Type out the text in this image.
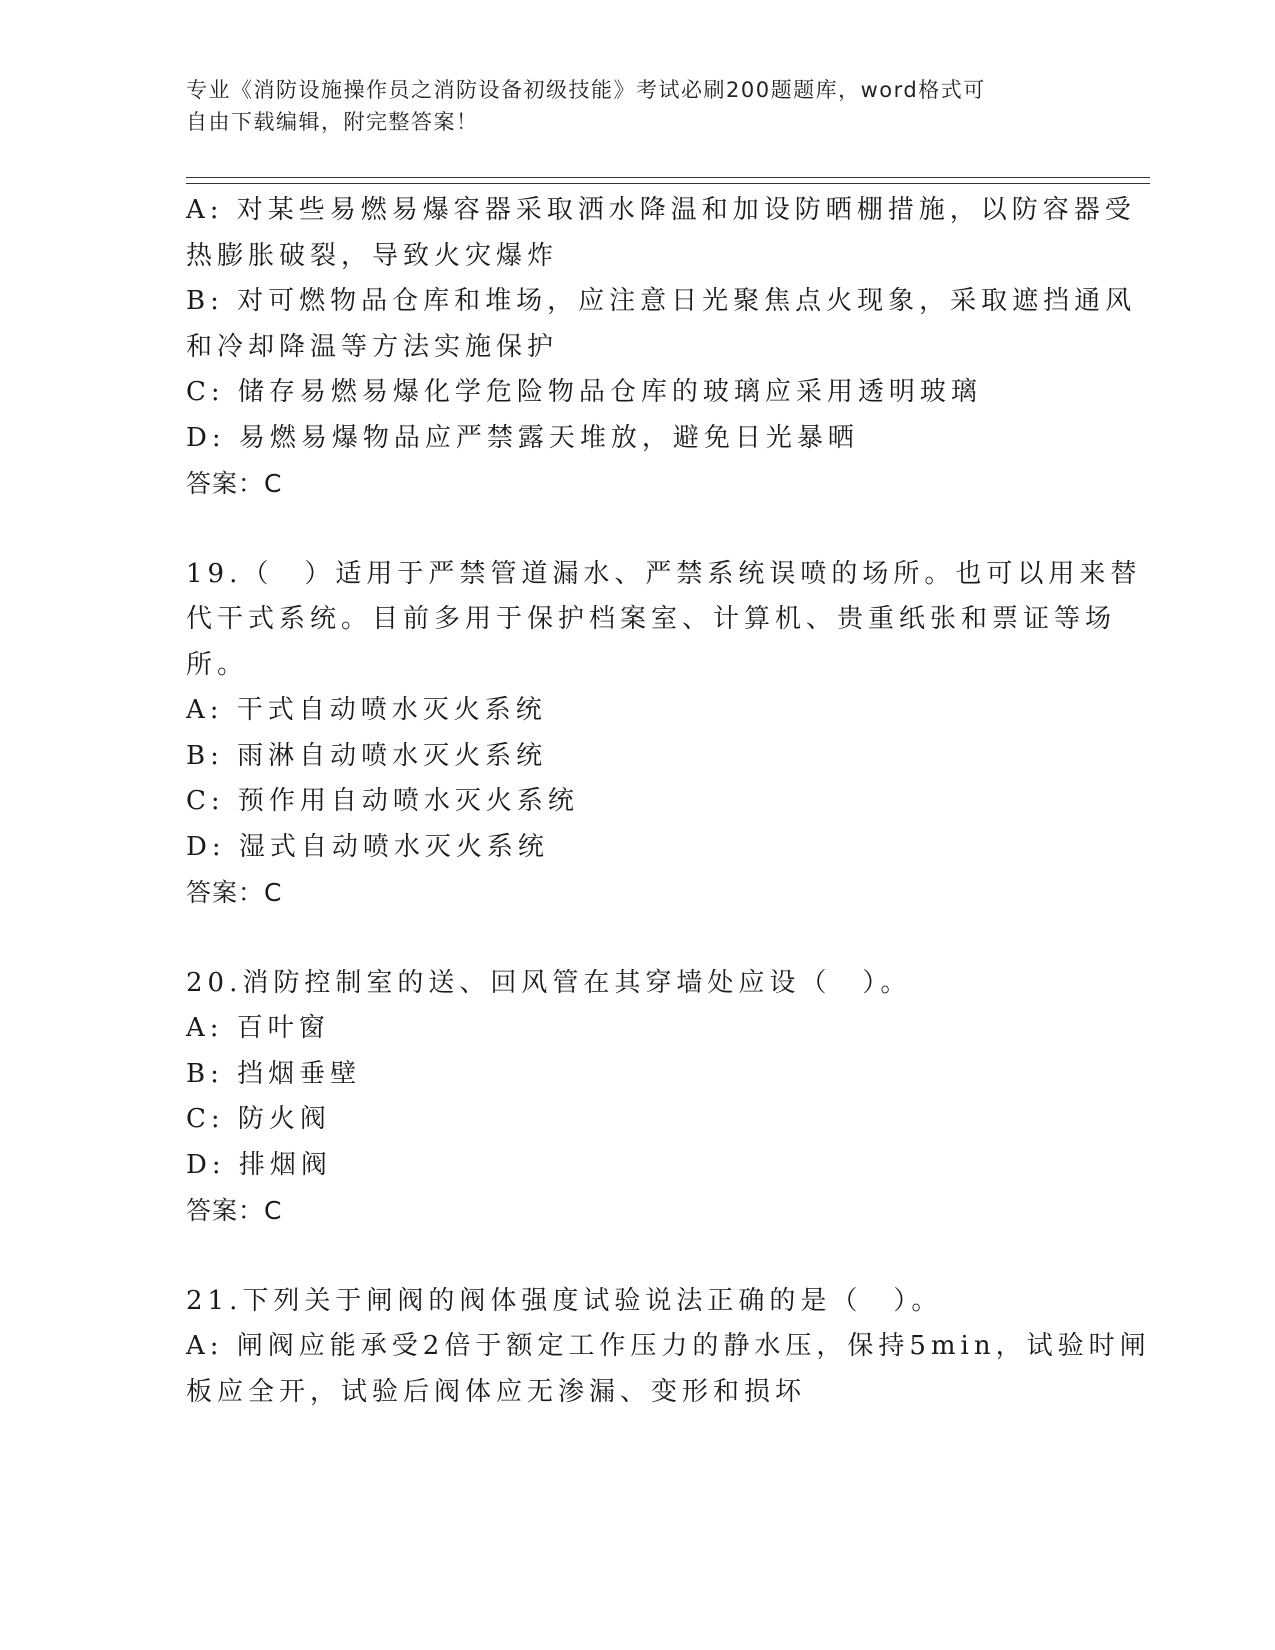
专业《消防设施操作员之消防设备初级技能》考试必刷200题题库，word格式可
自由下载编辑，附完整答案！
A: 对某些易燃易爆容器采取洒水降温和加设防晒棚措施，以防容器受
热膨胀破裂，导致火灾爆炸
B: 对可燃物品仓库和堆场，应注意日光聚焦点火现象，采取遮挡通风
和冷却降温等方法实施保护
C: 储存易燃易爆化学危险物品仓库的玻璃应采用透明玻璃
D: 易燃易爆物品应严禁露天堆放，避免日光暴晒
答案：C
19.（　）适用于严禁管道漏水、严禁系统误喷的场所。也可以用来替
代干式系统。目前多用于保护档案室、计算机、贵重纸张和票证等场
所。
A: 干式自动喷水灭火系统
B: 雨淋自动喷水灭火系统
C: 预作用自动喷水灭火系统
D: 湿式自动喷水灭火系统
答案：C
20.消防控制室的送、回风管在其穿墙处应设（　）。
A: 百叶窗
B: 挡烟垂壁
C: 防火阀
D: 排烟阀
答案：C
21.下列关于闸阀的阀体强度试验说法正确的是（　）。
A: 闸阀应能承受2倍于额定工作压力的静水压，保持5min，试验时闸
板应全开，试验后阀体应无渗漏、变形和损坏
